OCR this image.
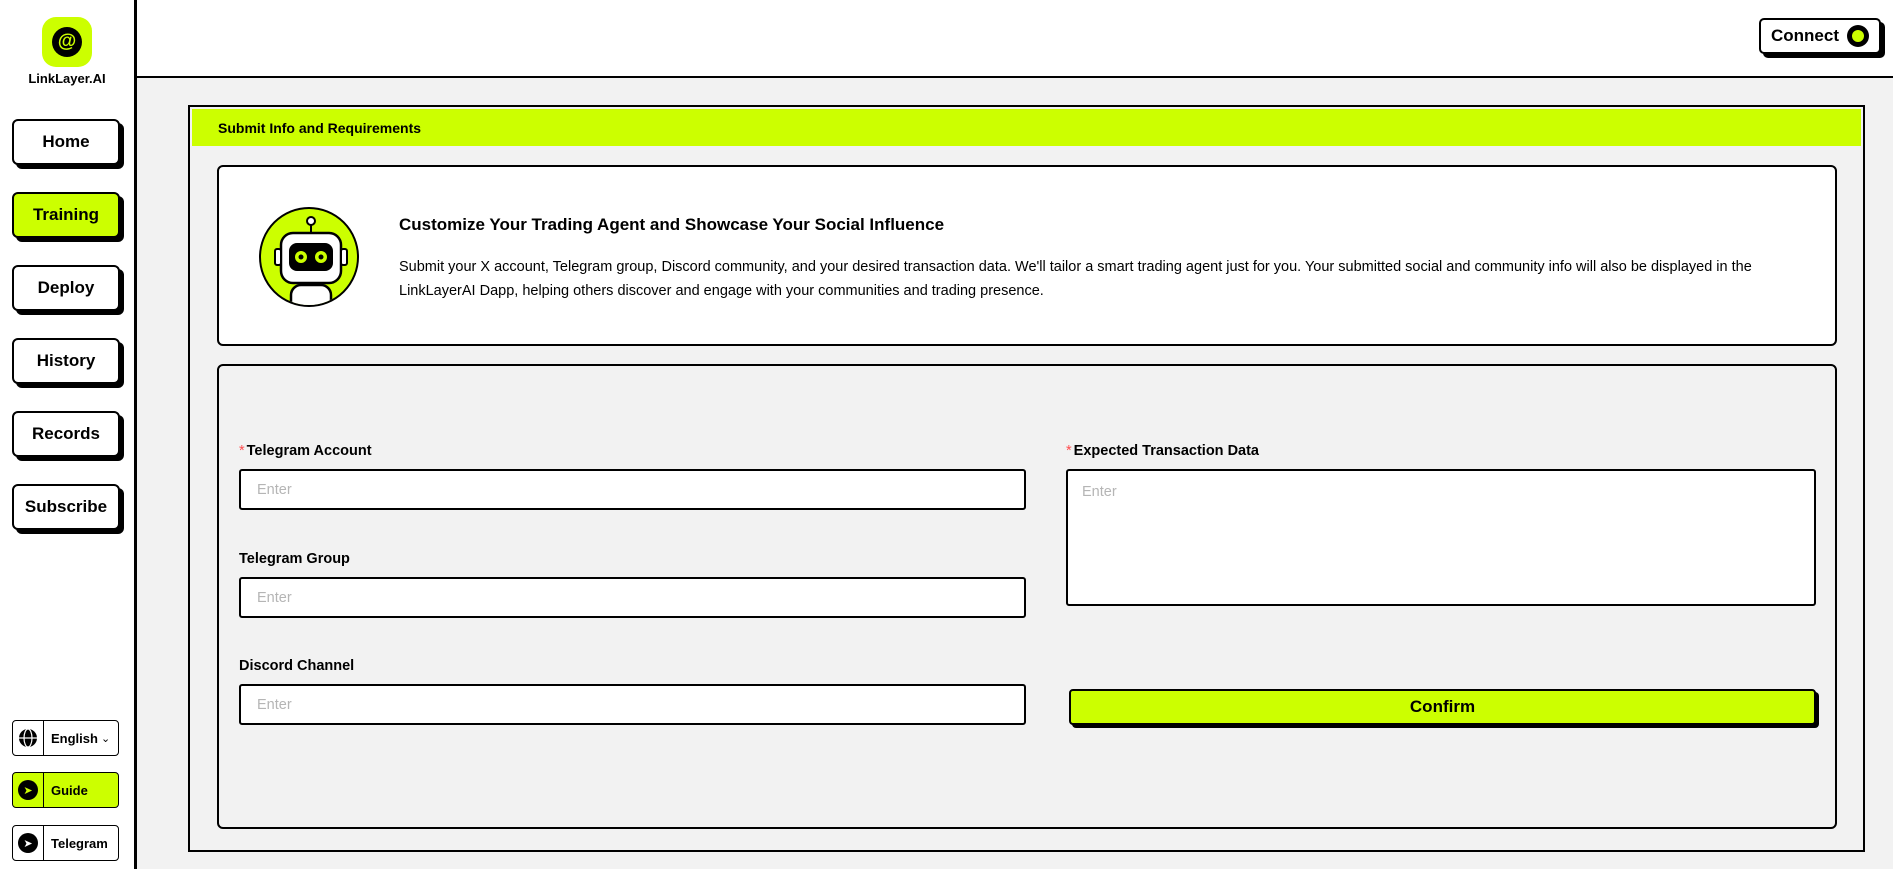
@
LinkLayer.AI
Home
Training
Deploy
History
Records
Subscribe
English ⌄
➤	Guide
➤	Telegram
Connect
Submit Info and Requirements
Customize Your Trading Agent and Showcase Your Social Influence

Submit your X account, Telegram group, Discord community, and your desired transaction data. We'll tailor a smart trading agent just for you. Your submitted social and community info will also be displayed in the LinkLayerAI Dapp, helping others discover and engage with your communities and trading presence.

* Telegram Account
Enter
Telegram Group
Enter
Discord Channel
Enter
* Expected Transaction Data
Enter
Confirm
